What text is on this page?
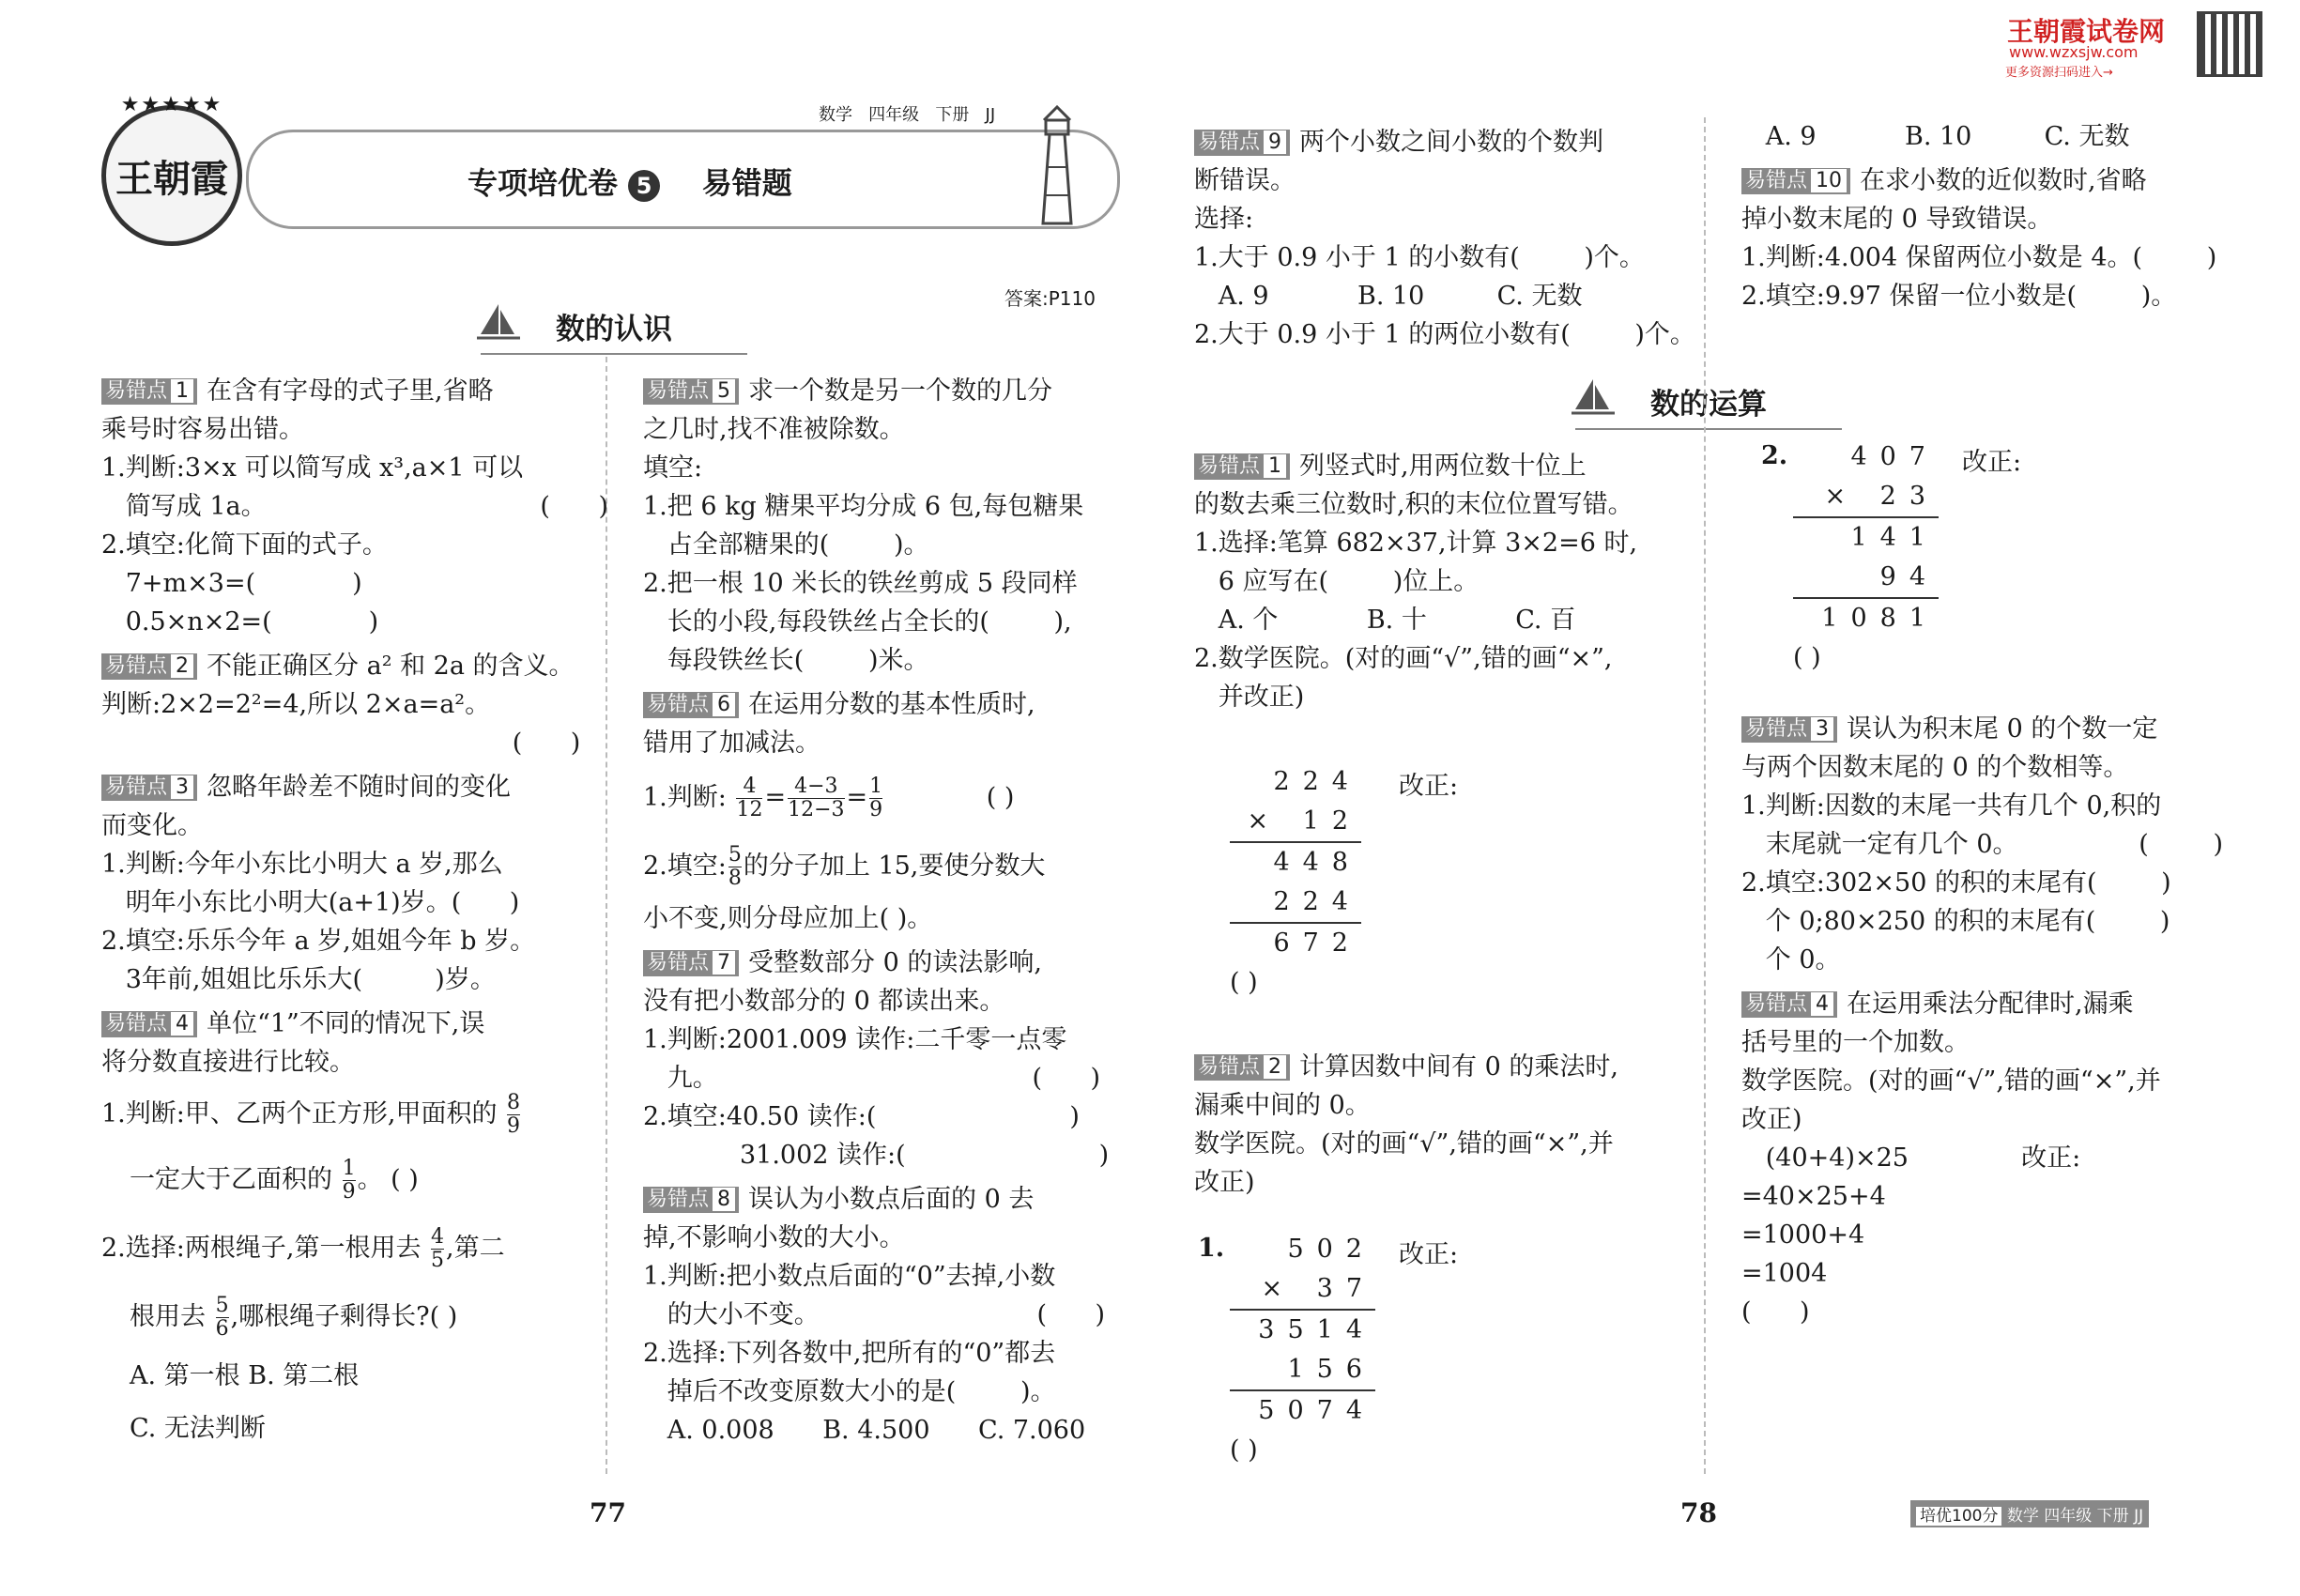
★★★★★
王朝霞
数学 四年级 下册 JJ
专项培优卷 5 易错题
答案:P110
王朝霞试卷网
www.wzxsjw.com
更多资源扫码进入→
数的认识
数的运算

易错点 1 在含有字母的式子里,省略

乘号时容易出错。

1.判断:3×x 可以简写成 x³,a×1 可以

简写成 1a。                                  (      )

2.填空:化简下面的式子。

7+m×3=(            )

0.5×n×2=(            )

易错点 2 不能正确区分 a² 和 2a 的含义。

判断:2×2=2²=4,所以 2×a=a²。

(      )

易错点 3 忽略年龄差不随时间的变化

而变化。

1.判断:今年小东比小明大 a 岁,那么

明年小东比小明大(a+1)岁。(      )

2.填空:乐乐今年 a 岁,姐姐今年 b 岁。

3年前,姐姐比乐乐大(         )岁。

易错点 4 单位“1”不同的情况下,误

将分数直接进行比较。

1.判断:甲、乙两个正方形,甲面积的 $\frac{8}{9}$

一定大于乙面积的 $\frac{1}{9}$ 。 ( )

2.选择:两根绳子,第一根用去 $\frac{4}{5}$ ,第二

根用去 $\frac{5}{6}$ ,哪根绳子剩得长?( )

A. 第一根 B. 第二根

C. 无法判断

易错点 5 求一个数是另一个数的几分

之几时,找不准被除数。

填空:

1.把 6 kg 糖果平均分成 6 包,每包糖果

占全部糖果的(        )。

2.把一根 10 米长的铁丝剪成 5 段同样

长的小段,每段铁丝占全长的(        ),

每段铁丝长(        )米。

易错点 6 在运用分数的基本性质时,

错用了加减法。

1.判断: $\frac{4}{12} = \frac{4-3}{12-3} = \frac{1}{9}$	( )

2.填空: $\frac{5}{8}$ 的分子加上 15,要使分数大

小不变,则分母应加上( )。

易错点 7 受整数部分 0 的读法影响,

没有把小数部分的 0 都读出来。

1.判断:2001.009 读作:二千零一点零

九。                                       (      )

2.填空:40.50 读作:(                        )

31.002 读作:(                        )

易错点 8 误认为小数点后面的 0 去

掉,不影响小数的大小。

1.判断:把小数点后面的“0”去掉,小数

的大小不变。                           (      )

2.选择:下列各数中,把所有的“0”都去

掉后不改变原数大小的是(        )。

A. 0.008      B. 4.500      C. 7.060

易错点 9 两个小数之间小数的个数判

断错误。

选择:

1.大于 0.9 小于 1 的小数有(        )个。

A. 9           B. 10         C. 无数

2.大于 0.9 小于 1 的两位小数有(        )个。

易错点 1 列竖式时,用两位数十位上

的数去乘三位数时,积的末位位置写错。

1.选择:笔算 682×37,计算 3×2=6 时,

6 应写在(        )位上。

A. 个           B. 十           C. 百

2.数学医院。(对的画“√”,错的画“×”,

并改正)

224
× 12
448
224
672
( )
改正:

易错点 2 计算因数中间有 0 的乘法时,

漏乘中间的 0。

数学医院。(对的画“√”,错的画“×”,并

改正)

1.	502
× 37
3514
156
5074
( )
改正:

A. 9           B. 10         C. 无数

易错点 10 在求小数的近似数时,省略

掉小数末尾的 0 导致错误。

1.判断:4.004 保留两位小数是 4。(        )

2.填空:9.97 保留一位小数是(        )。

2.	407
× 23
141
94
1081
( )
改正:

易错点 3 误认为积末尾 0 的个数一定

与两个因数末尾的 0 的个数相等。

1.判断:因数的末尾一共有几个 0,积的

末尾就一定有几个 0。               (        )

2.填空:302×50 的积的末尾有(        )

个 0;80×250 的积的末尾有(        )

个 0。

易错点 4 在运用乘法分配律时,漏乘

括号里的一个加数。

数学医院。(对的画“√”,错的画“×”,并

改正)

(40+4)×25              改正:

=40×25+4

=1000+4

=1004

(      )

77	78	培优100分 数学 四年级 下册 JJ
